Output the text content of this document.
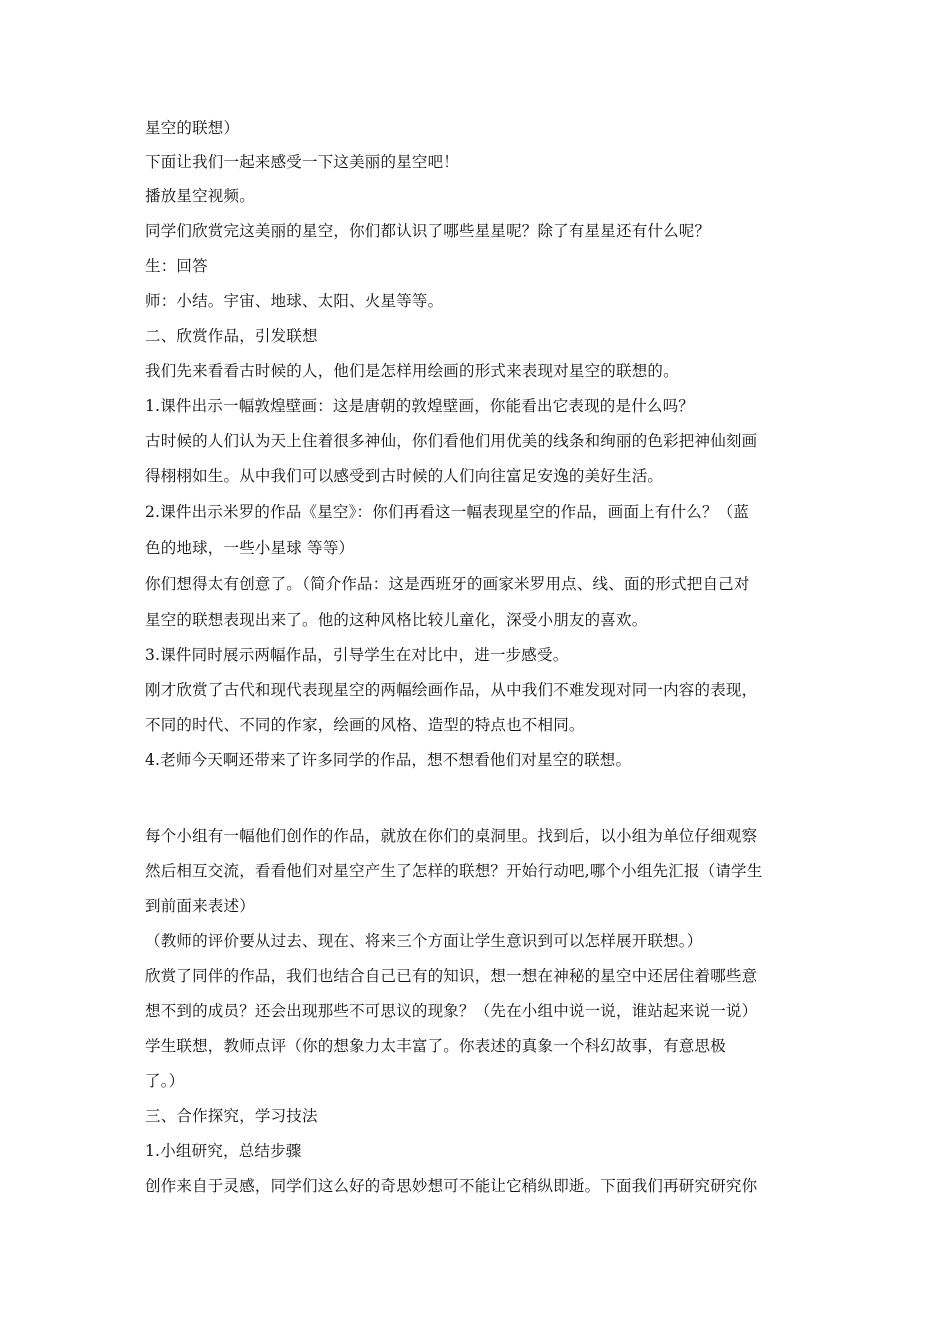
星空的联想）
下面让我们一起来感受一下这美丽的星空吧！
播放星空视频。
同学们欣赏完这美丽的星空，你们都认识了哪些星星呢？除了有星星还有什么呢？
生：回答
师：小结。宇宙、地球、太阳、火星等等。
二、欣赏作品，引发联想
我们先来看看古时候的人，他们是怎样用绘画的形式来表现对星空的联想的。
1.课件出示一幅敦煌壁画：这是唐朝的敦煌壁画，你能看出它表现的是什么吗？
古时候的人们认为天上住着很多神仙，你们看他们用优美的线条和绚丽的色彩把神仙刻画
得栩栩如生。从中我们可以感受到古时候的人们向往富足安逸的美好生活。
2.课件出示米罗的作品《星空》：你们再看这一幅表现星空的作品，画面上有什么？（蓝
色的地球，一些小星球 等等）
你们想得太有创意了。（简介作品：这是西班牙的画家米罗用点、线、面的形式把自己对
星空的联想表现出来了。他的这种风格比较儿童化，深受小朋友的喜欢。
3.课件同时展示两幅作品，引导学生在对比中，进一步感受。
刚才欣赏了古代和现代表现星空的两幅绘画作品，从中我们不难发现对同一内容的表现，
不同的时代、不同的作家，绘画的风格、造型的特点也不相同。
4.老师今天啊还带来了许多同学的作品，想不想看他们对星空的联想。
每个小组有一幅他们创作的作品，就放在你们的桌洞里。找到后，以小组为单位仔细观察
然后相互交流，看看他们对星空产生了怎样的联想？开始行动吧,哪个小组先汇报（请学生
到前面来表述）
（教师的评价要从过去、现在、将来三个方面让学生意识到可以怎样展开联想。）
欣赏了同伴的作品，我们也结合自己已有的知识，想一想在神秘的星空中还居住着哪些意
想不到的成员？还会出现那些不可思议的现象？（先在小组中说一说，谁站起来说一说）
学生联想，教师点评（你的想象力太丰富了。你表述的真象一个科幻故事，有意思极
了。）
三、合作探究，学习技法
1.小组研究，总结步骤
创作来自于灵感，同学们这么好的奇思妙想可不能让它稍纵即逝。下面我们再研究研究你
